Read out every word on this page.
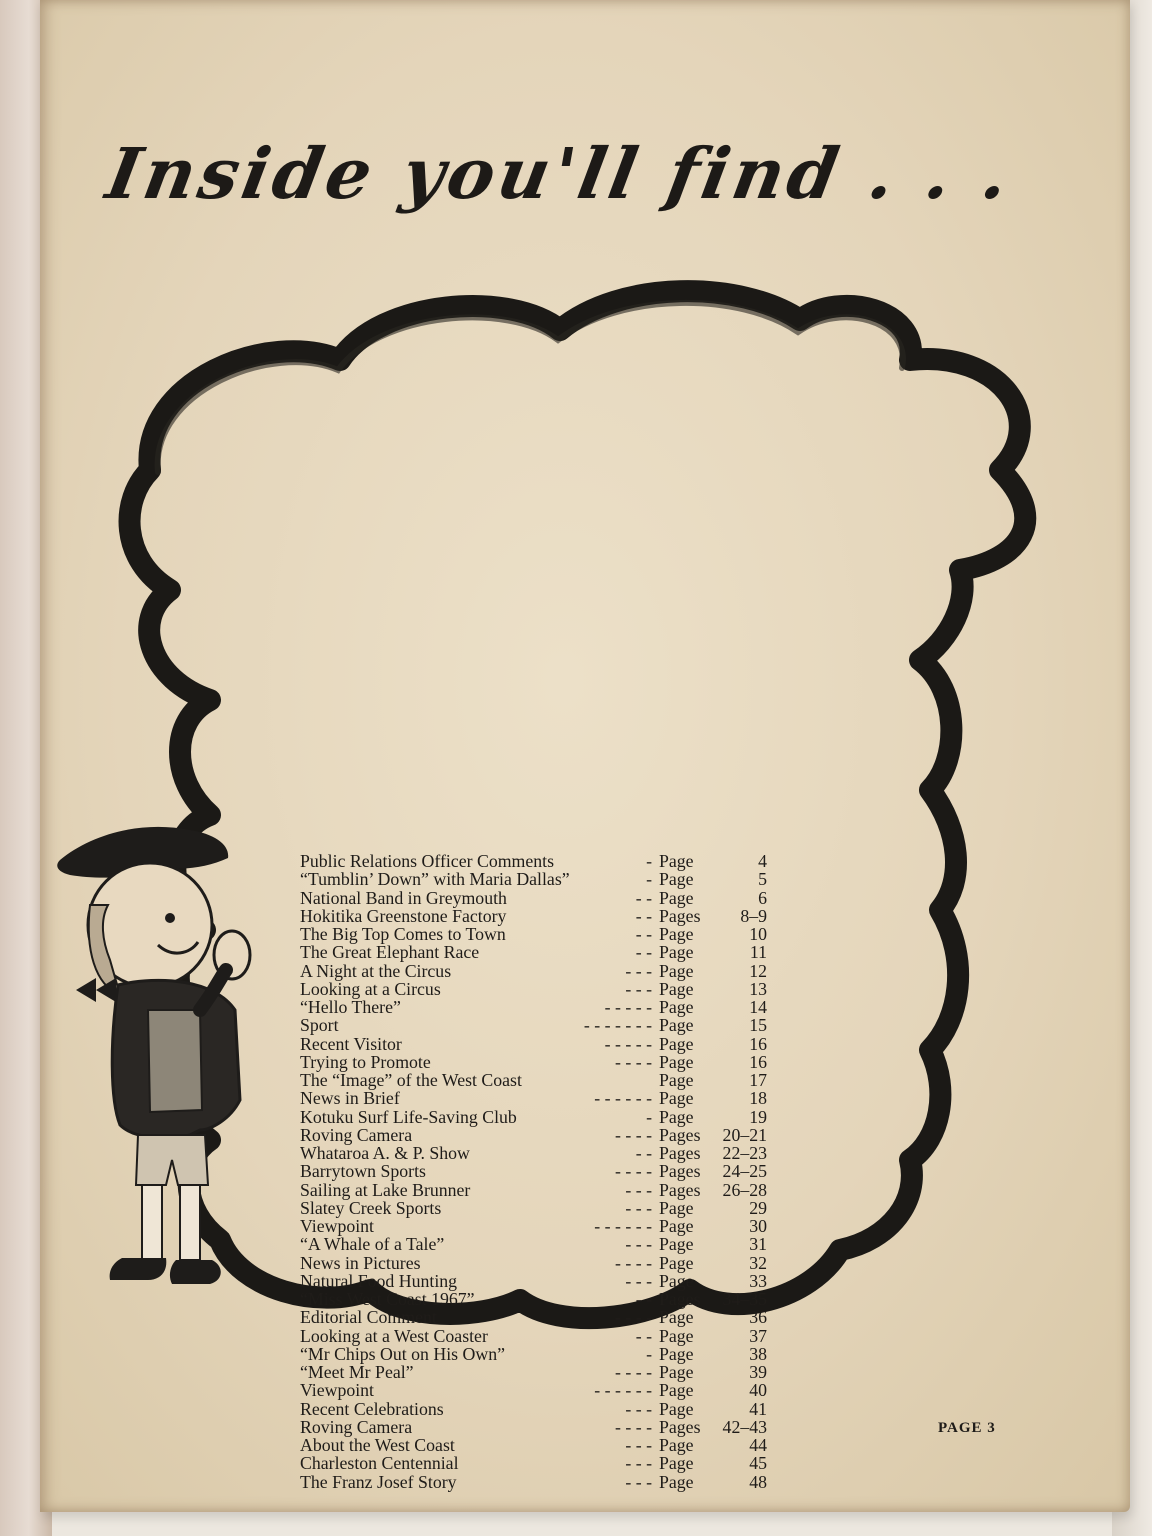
Inside you'll find . . .
Public Relations Officer Comments	- Page	4
“Tumblin’ Down” with Maria Dallas”	- Page	5
National Band in Greymouth	- - Page	6
Hokitika Greenstone Factory	- - Pages 8–9
The Big Top Comes to Town	- - Page	10
The Great Elephant Race	- - Page	11
A Night at the Circus	- - - Page	12
Looking at a Circus	- - - Page	13
“Hello There”	- - - - - Page	14
Sport	- - - - - - - Page	15
Recent Visitor	- - - - - Page	16
Trying to Promote	- - - - Page	16
The “Image” of the West Coast	Page	17
News in Brief	- - - - - - Page	18
Kotuku Surf Life-Saving Club	- Page	19
Roving Camera	- - - - Pages 20–21
Whataroa A. & P. Show	- - Pages 22–23
Barrytown Sports	- - - - Pages 24–25
Sailing at Lake Brunner	- - - Pages 26–28
Slatey Creek Sports	- - - Page	29
Viewpoint	- - - - - - Page	30
“A Whale of a Tale”	- - - Page	31
News in Pictures	- - - - Page	32
Natural Food Hunting	- - - Page	33
“Miss West Coast 1967”	- - Pages 34–35
Editorial Comment	- - - - Page	36
Looking at a West Coaster	- - Page	37
“Mr Chips Out on His Own”	- Page	38
“Meet Mr Peal”	- - - - Page	39
Viewpoint	- - - - - - Page	40
Recent Celebrations	- - - Page	41
Roving Camera	- - - - Pages 42–43
About the West Coast	- - - Page	44
Charleston Centennial	- - - Page	45
The Franz Josef Story	- - - Page	48

PAGE 3
